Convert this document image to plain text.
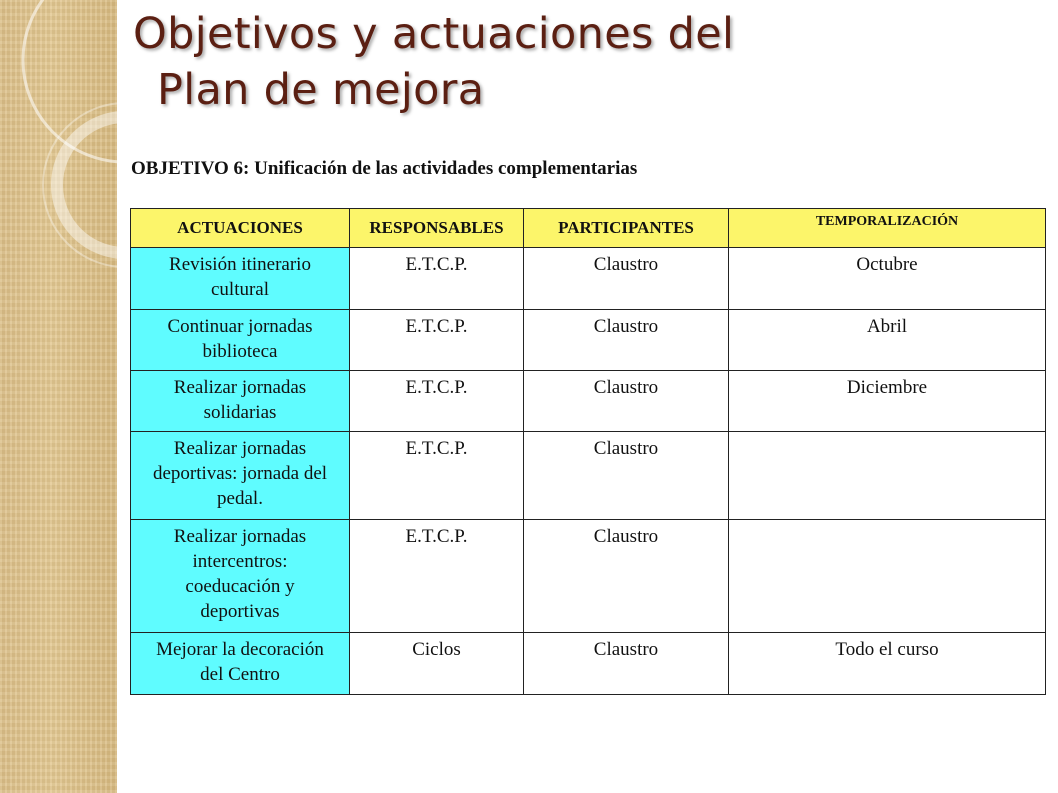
Objetivos y actuaciones del
Plan de mejora
OBJETIVO 6: Unificación de las actividades complementarias
ACTUACIONES	RESPONSABLES	PARTICIPANTES	TEMPORALIZACIÓN
Revisión itinerario
cultural	E.T.C.P.	Claustro	Octubre
Continuar jornadas
biblioteca	E.T.C.P.	Claustro	Abril
Realizar jornadas
solidarias	E.T.C.P.	Claustro	Diciembre
Realizar jornadas
deportivas: jornada del
pedal.	E.T.C.P.	Claustro	
Realizar jornadas
intercentros:
coeducación y
deportivas	E.T.C.P.	Claustro	
Mejorar la decoración
del Centro	Ciclos	Claustro	Todo el curso
